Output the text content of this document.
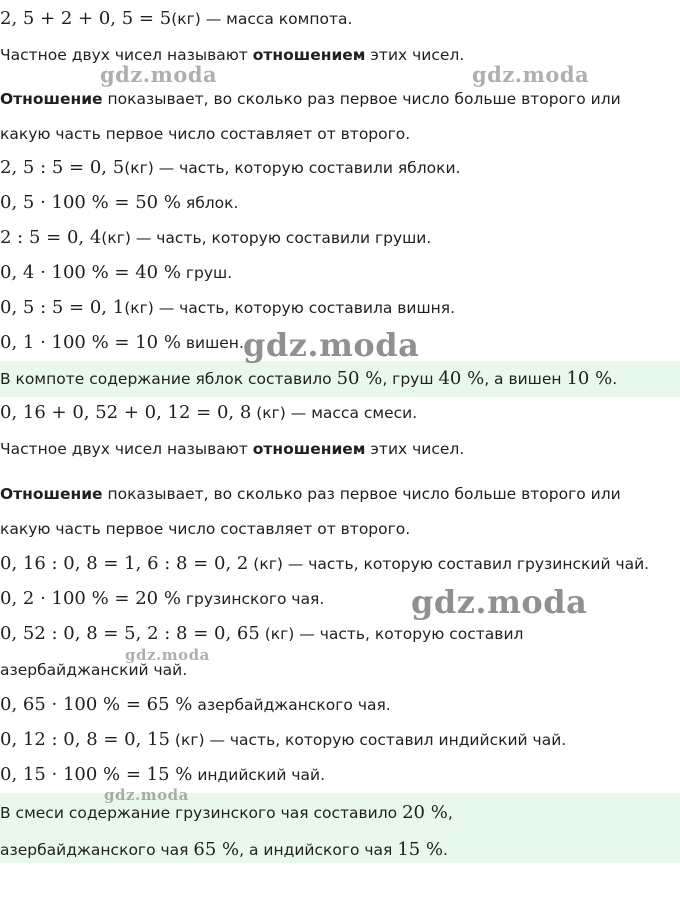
2, 5 + 2 + 0, 5 = 5(кг) — масса компота.
Частное двух чисел называют отношением этих чисел.
Отношение показывает, во сколько раз первое число больше второго или
какую часть первое число составляет от второго.
2, 5 : 5 = 0, 5(кг) — часть, которую составили яблоки.
0, 5 · 100 % = 50 % яблок.
2 : 5 = 0, 4(кг) — часть, которую составили груши.
0, 4 · 100 % = 40 % груш.
0, 5 : 5 = 0, 1(кг) — часть, которую составила вишня.
0, 1 · 100 % = 10 % вишен.
В компоте содержание яблок составило 50 %, груш 40 %, а вишен 10 %.
0, 16 + 0, 52 + 0, 12 = 0, 8 (кг) — масса смеси.
Частное двух чисел называют отношением этих чисел.
Отношение показывает, во сколько раз первое число больше второго или
какую часть первое число составляет от второго.
0, 16 : 0, 8 = 1, 6 : 8 = 0, 2 (кг) — часть, которую составил грузинский чай.
0, 2 · 100 % = 20 % грузинского чая.
0, 52 : 0, 8 = 5, 2 : 8 = 0, 65 (кг) — часть, которую составил
азербайджанский чай.
0, 65 · 100 % = 65 % азербайджанского чая.
0, 12 : 0, 8 = 0, 15 (кг) — часть, которую составил индийский чай.
0, 15 · 100 % = 15 % индийский чай.
В смеси содержание грузинского чая составило 20 %,
азербайджанского чая 65 %, а индийского чая 15 %.
gdz.moda	gdz.moda
gdz.moda
gdz.moda
gdz.moda
gdz.moda
